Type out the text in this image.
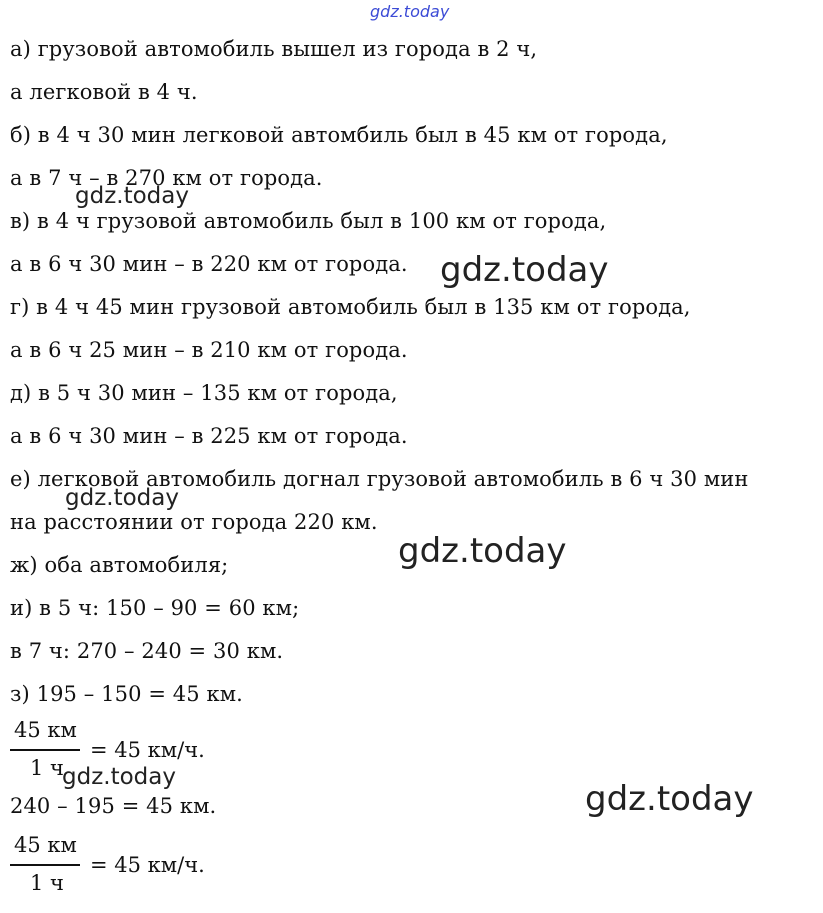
gdz.today
а) грузовой автомобиль вышел из города в 2 ч,
а легковой в 4 ч.
б) в 4 ч 30 мин легковой автомбиль был в 45 км от города,
а в 7 ч – в 270 км от города.
в) в 4 ч грузовой автомобиль был в 100 км от города,
а в 6 ч 30 мин – в 220 км от города.
г) в 4 ч 45 мин грузовой автомобиль был в 135 км от города,
а в 6 ч 25 мин – в 210 км от города.
д) в 5 ч 30 мин – 135 км от города,
а в 6 ч 30 мин – в 225 км от города.
е) легковой автомобиль догнал грузовой автомобиль в 6 ч 30 мин
на расстоянии от города 220 км.
ж) оба автомобиля;
и) в 5 ч: 150 – 90 = 60 км;
в 7 ч: 270 – 240 = 30 км.
з) 195 – 150 = 45 км.
45 км
1 ч
= 45 км/ч.
240 – 195 = 45 км.
45 км
1 ч
= 45 км/ч.
gdz.today
gdz.today
gdz.today
gdz.today
gdz.today
gdz.today
